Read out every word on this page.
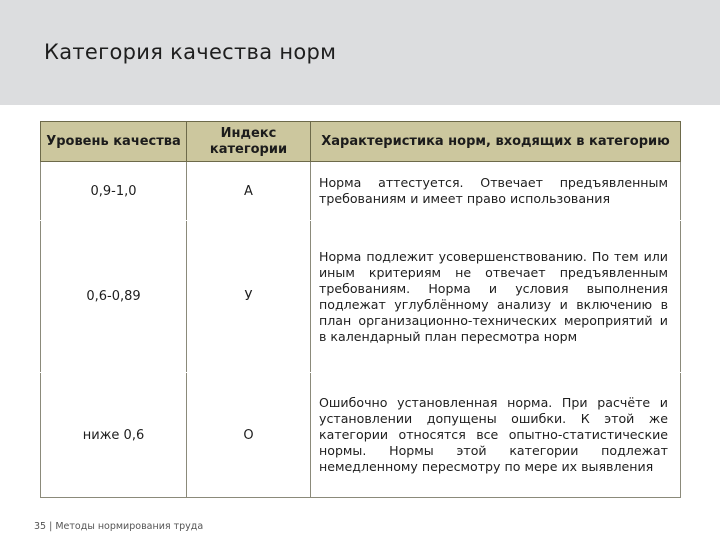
Категория качества норм
Уровень качества	Индекс категории	Характеристика норм, входящих в категорию
0,9-1,0	А	Норма аттестуется. Отвечает предъявленным требованиям и имеет право использования
0,6-0,89	У	Норма подлежит усовершенствованию. По тем или иным критериям не отвечает предъявленным требованиям. Норма и условия выполнения подлежат углублённому анализу и включению в план организационно-технических мероприятий и в календарный план пересмотра норм
ниже 0,6	О	Ошибочно установленная норма. При расчёте и установлении допущены ошибки. К этой же категории относятся все опытно-статистические нормы. Нормы этой категории подлежат немедленному пересмотру по мере их выявления
35 | Методы нормирования труда
